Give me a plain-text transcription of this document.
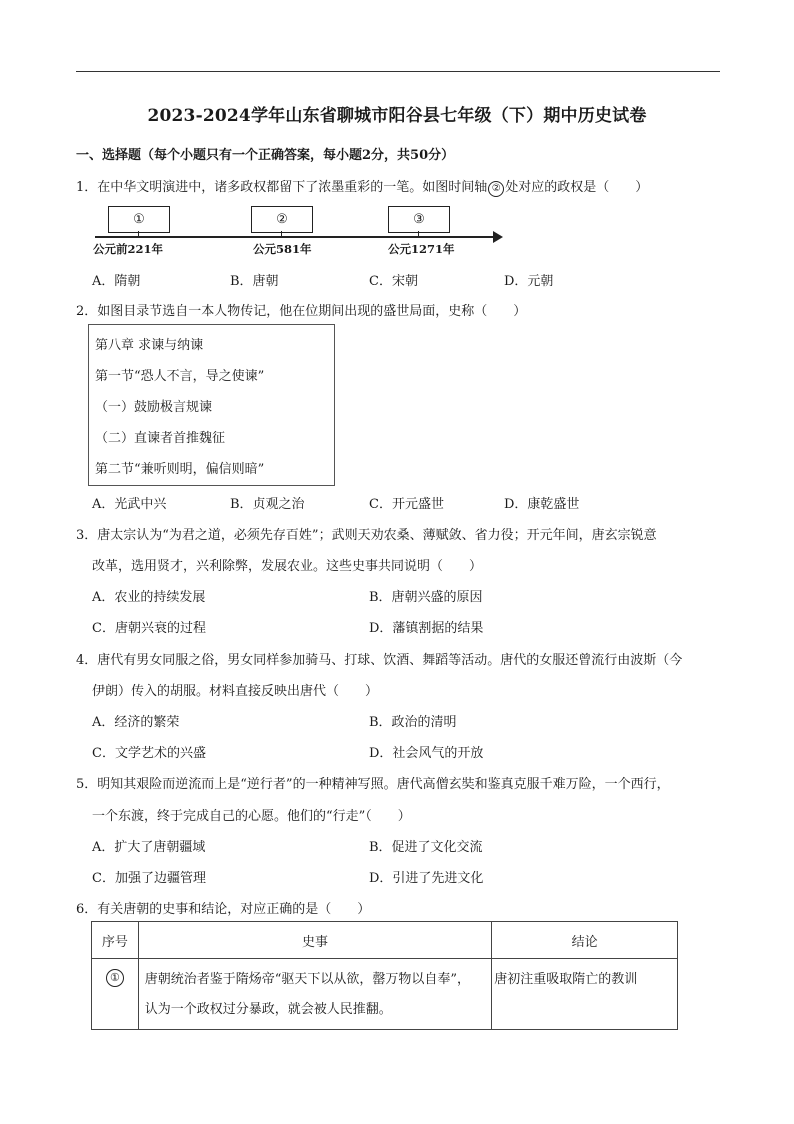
2023-2024学年山东省聊城市阳谷县七年级（下）期中历史试卷
一、选择题（每个小题只有一个正确答案，每小题2分，共50分）
1．在中华文明演进中，诸多政权都留下了浓墨重彩的一笔。如图时间轴 ② 处对应的政权是（　　）
①	②	③
公元前221年	公元581年	公元1271年
A．隋朝	B．唐朝	C．宋朝	D．元朝
2．如图目录节选自一本人物传记，他在位期间出现的盛世局面，史称（　　）
第八章 求谏与纳谏
第一节“恐人不言，导之使谏”
（一）鼓励极言规谏
（二）直谏者首推魏征
第二节“兼听则明，偏信则暗”
A．光武中兴	B．贞观之治	C．开元盛世	D．康乾盛世
3．唐太宗认为“为君之道，必须先存百姓”；武则天劝农桑、薄赋敛、省力役；开元年间，唐玄宗锐意
改革，选用贤才，兴利除弊，发展农业。这些史事共同说明（　　）
A．农业的持续发展	B．唐朝兴盛的原因
C．唐朝兴衰的过程	D．藩镇割据的结果
4．唐代有男女同服之俗，男女同样参加骑马、打球、饮酒、舞蹈等活动。唐代的女服还曾流行由波斯（今
伊朗）传入的胡服。材料直接反映出唐代（　　）
A．经济的繁荣	B．政治的清明
C．文学艺术的兴盛	D．社会风气的开放
5．明知其艰险而逆流而上是“逆行者”的一种精神写照。唐代高僧玄奘和鉴真克服千难万险，一个西行，
一个东渡，终于完成自己的心愿。他们的“行走”（　　）
A．扩大了唐朝疆域	B．促进了文化交流
C．加强了边疆管理	D．引进了先进文化
6．有关唐朝的史事和结论，对应正确的是（　　）
序号	史事	结论
①	唐朝统治者鉴于隋炀帝“驱天下以从欲，罄万物以自奉”，
认为一个政权过分暴政，就会被人民推翻。	唐初注重吸取隋亡的教训
